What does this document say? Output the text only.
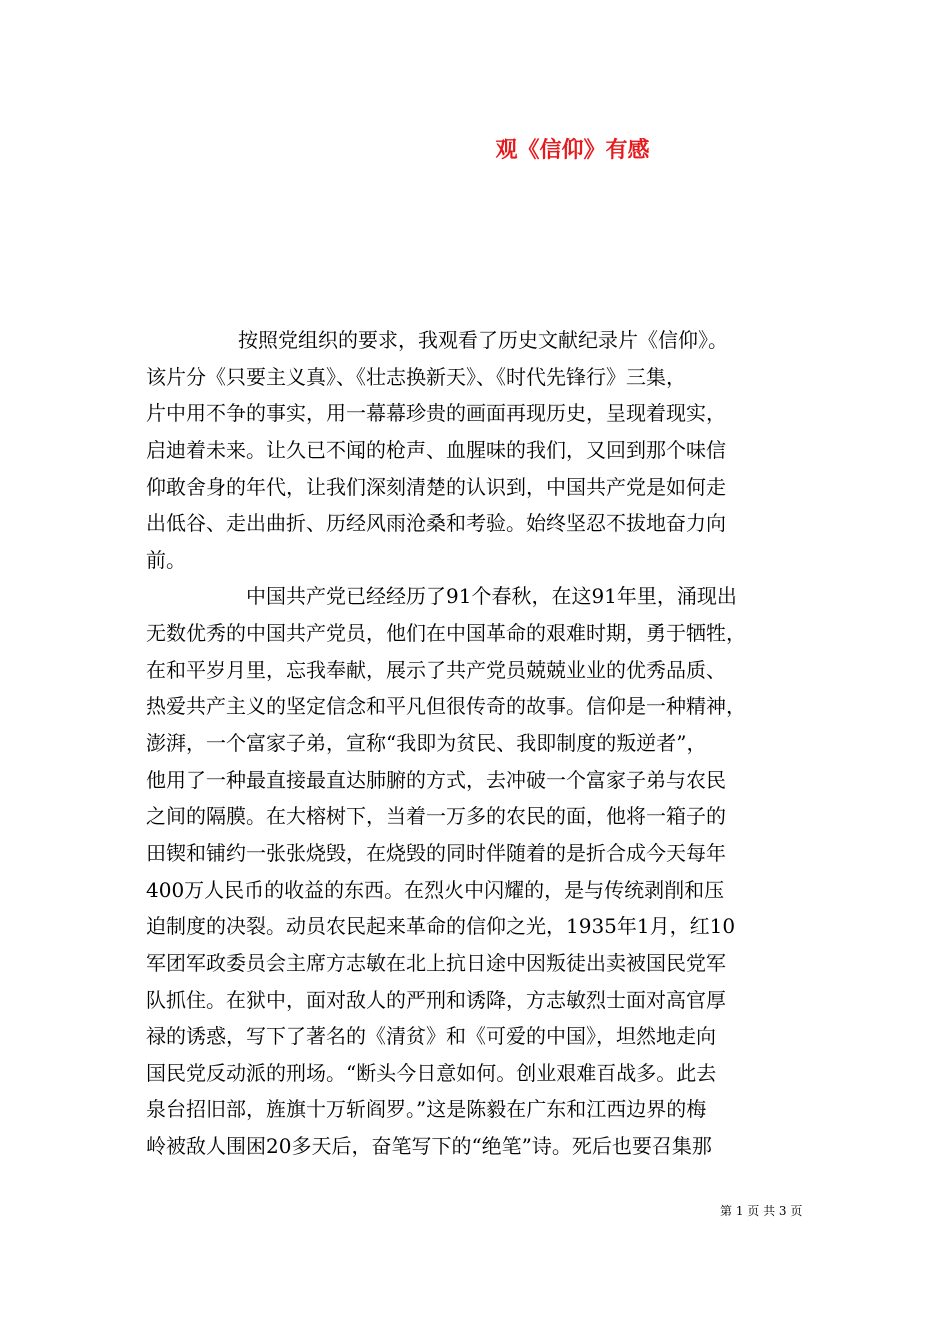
观《信仰》有感
按照党组织的要求，我观看了历史文献纪录片《信仰》。
该片分《只要主义真》、《壮志换新天》、《时代先锋行》三集，
片中用不争的事实，用一幕幕珍贵的画面再现历史，呈现着现实，
启迪着未来。让久已不闻的枪声、血腥味的我们，又回到那个味信
仰敢舍身的年代，让我们深刻清楚的认识到，中国共产党是如何走
出低谷、走出曲折、历经风雨沧桑和考验。始终坚忍不拔地奋力向
前。
中国共产党已经经历了91个春秋，在这91年里，涌现出
无数优秀的中国共产党员，他们在中国革命的艰难时期，勇于牺牲，
在和平岁月里，忘我奉献，展示了共产党员兢兢业业的优秀品质、
热爱共产主义的坚定信念和平凡但很传奇的故事。信仰是一种精神，
澎湃，一个富家子弟，宣称“我即为贫民、我即制度的叛逆者”，
他用了一种最直接最直达肺腑的方式，去冲破一个富家子弟与农民
之间的隔膜。在大榕树下，当着一万多的农民的面，他将一箱子的
田锲和铺约一张张烧毁，在烧毁的同时伴随着的是折合成今天每年
400万人民币的收益的东西。在烈火中闪耀的，是与传统剥削和压
迫制度的决裂。动员农民起来革命的信仰之光，1935年1月，红10
军团军政委员会主席方志敏在北上抗日途中因叛徒出卖被国民党军
队抓住。在狱中，面对敌人的严刑和诱降，方志敏烈士面对高官厚
禄的诱惑，写下了著名的《清贫》和《可爱的中国》，坦然地走向
国民党反动派的刑场。“断头今日意如何。创业艰难百战多。此去
泉台招旧部，旌旗十万斩阎罗。”这是陈毅在广东和江西边界的梅
岭被敌人围困20多天后，奋笔写下的“绝笔”诗。死后也要召集那
第 1 页 共 3 页
